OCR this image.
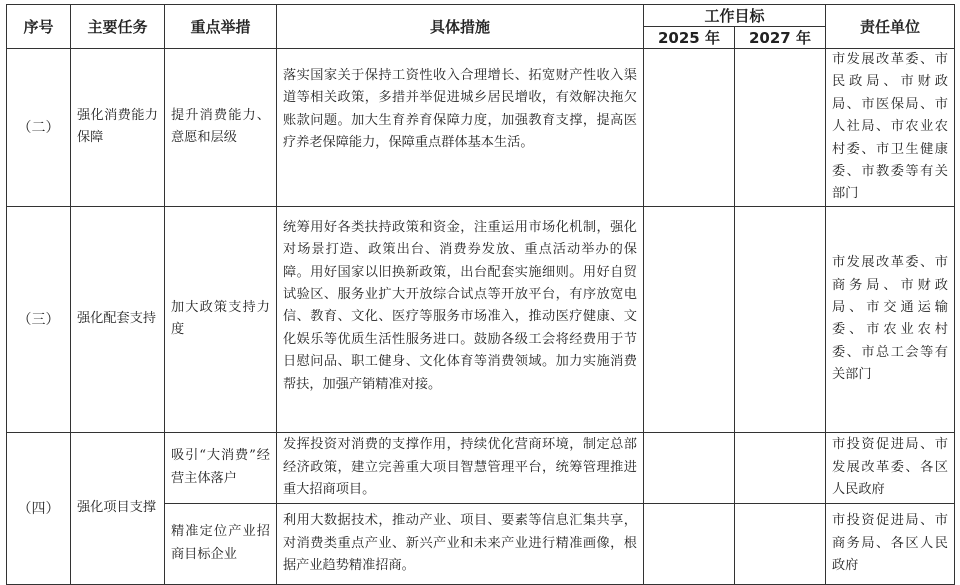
序号	主要任务	重点举措	具体措施	工作目标		责任单位
				2025 年	2027 年	
（二）	强化消费能力保障	提升消费能力、意愿和层级	落实国家关于保持工资性收入合理增长、拓宽财产性收入渠道等相关政策，多措并举促进城乡居民增收，有效解决拖欠账款问题。加大生育养育保障力度，加强教育支撑，提高医疗养老保障能力，保障重点群体基本生活。			市发展改革委、市民政局、市财政局、市医保局、市人社局、市农业农村委、市卫生健康委、市教委等有关部门
（三）	强化配套支持	加大政策支持力度	统筹用好各类扶持政策和资金，注重运用市场化机制，强化对场景打造、政策出台、消费券发放、重点活动举办的保障。用好国家以旧换新政策，出台配套实施细则。用好自贸试验区、服务业扩大开放综合试点等开放平台，有序放宽电信、教育、文化、医疗等服务市场准入，推动医疗健康、文化娱乐等优质生活性服务进口。鼓励各级工会将经费用于节日慰问品、职工健身、文化体育等消费领域。加力实施消费帮扶，加强产销精准对接。			市发展改革委、市商务局、市财政局、市交通运输委、市农业农村委、市总工会等有关部门
（四）	强化项目支撑	吸引“大消费”经营主体落户	发挥投资对消费的支撑作用，持续优化营商环境，制定总部经济政策，建立完善重大项目智慧管理平台，统筹管理推进重大招商项目。			市投资促进局、市发展改革委、各区人民政府
		精准定位产业招商目标企业	利用大数据技术，推动产业、项目、要素等信息汇集共享，对消费类重点产业、新兴产业和未来产业进行精准画像，根据产业趋势精准招商。			市投资促进局、市商务局、各区人民政府
